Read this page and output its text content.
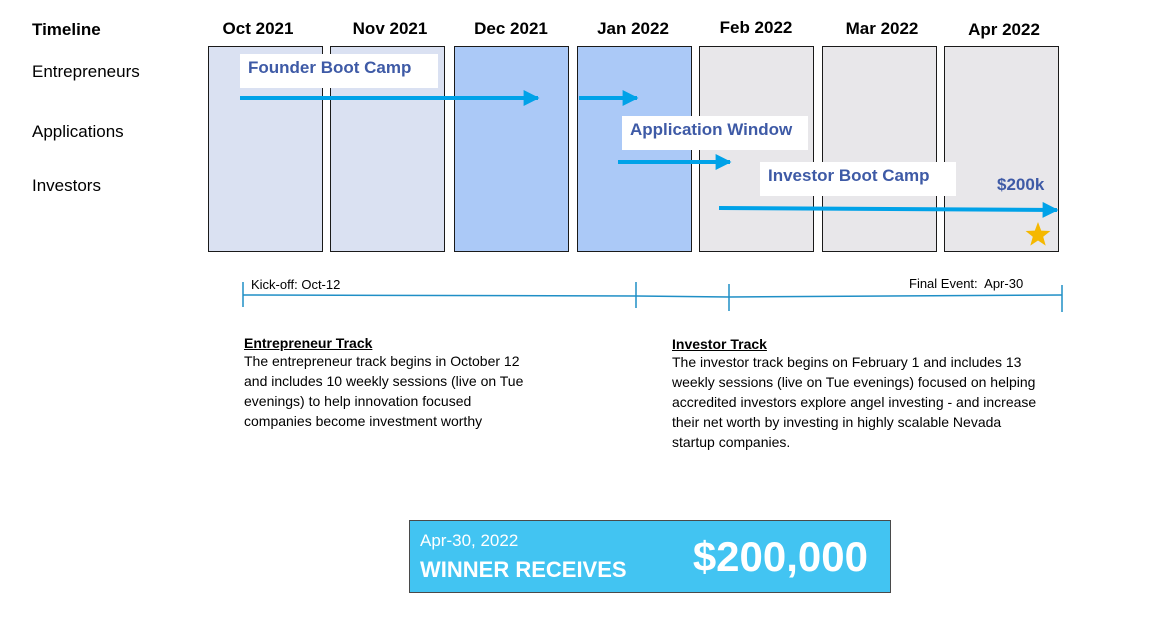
Timeline	Oct 2021	Nov 2021	Dec 2021	Jan 2022	Feb 2022	Mar 2022	Apr 2022
Entrepreneurs
Applications
Investors
Founder Boot Camp
Application Window
Investor Boot Camp	$200k
Kick-off: Oct-12	Final Event:  Apr-30
Entrepreneur Track
The entrepreneur track begins in October 12
and includes 10 weekly sessions (live on Tue
evenings) to help innovation focused
companies become investment worthy
Investor Track
The investor track begins on February 1 and includes 13
weekly sessions (live on Tue evenings) focused on helping
accredited investors explore angel investing - and increase
their net worth by investing in highly scalable Nevada
startup companies.
Apr-30, 2022
WINNER RECEIVES $200,000
